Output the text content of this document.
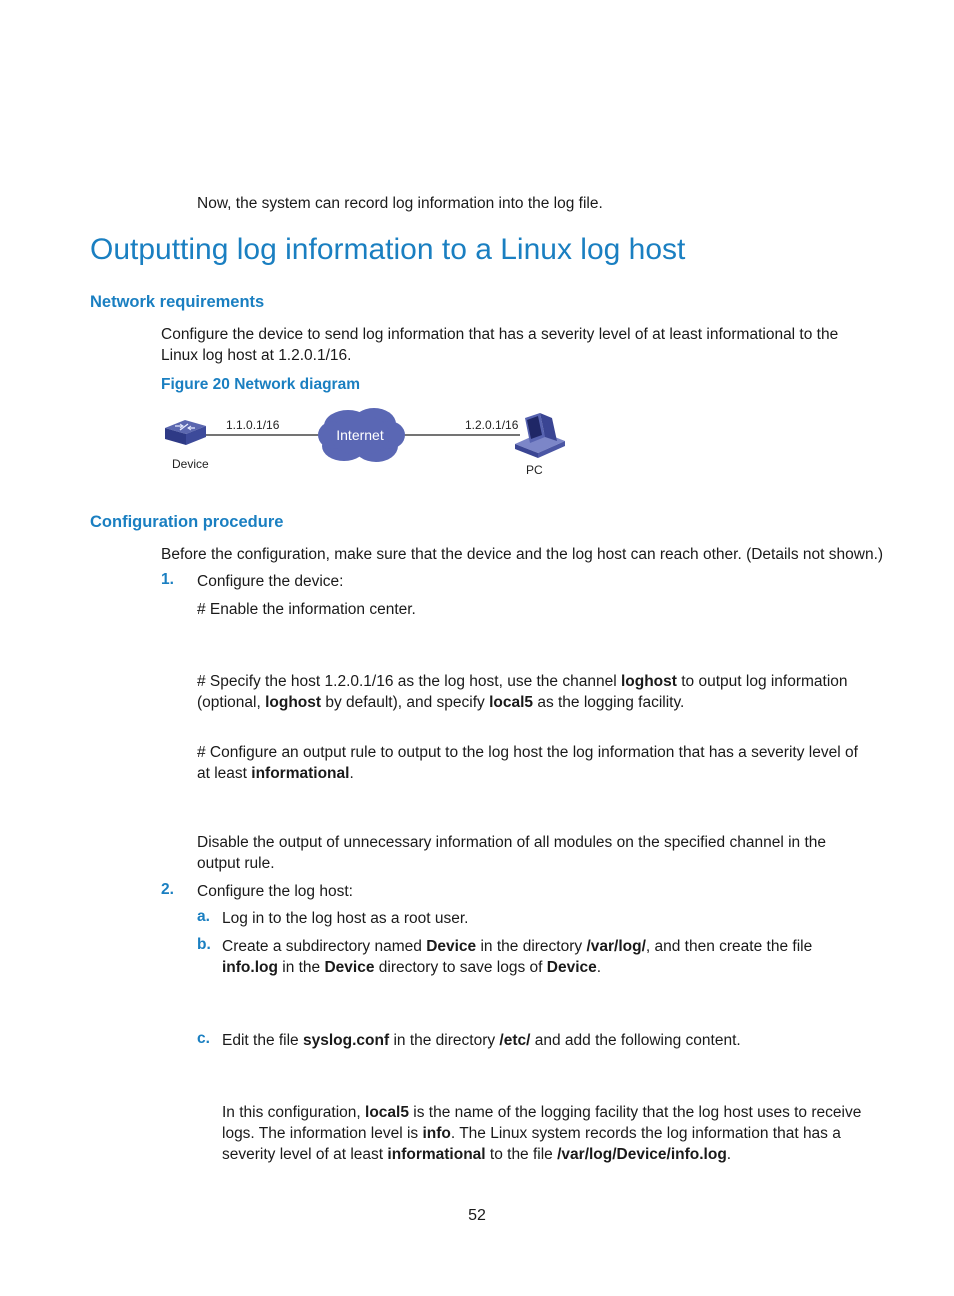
Now, the system can record log information into the log file.
Outputting log information to a Linux log host
Network requirements
Configure the device to send log information that has a severity level of at least informational to the Linux log host at 1.2.0.1/16.
Figure 20 Network diagram
1.1.0.1/16
Device
Internet
1.2.0.1/16
PC
Configuration procedure
Before the configuration, make sure that the device and the log host can reach other. (Details not shown.)
1. Configure the device:
# Enable the information center.
# Specify the host 1.2.0.1/16 as the log host, use the channel loghost to output log information (optional, loghost by default), and specify local5 as the logging facility.
# Configure an output rule to output to the log host the log information that has a severity level of at least informational.
Disable the output of unnecessary information of all modules on the specified channel in the output rule.
2. Configure the log host:
a. Log in to the log host as a root user.
b. Create a subdirectory named Device in the directory /var/log/, and then create the file info.log in the Device directory to save logs of Device.
c. Edit the file syslog.conf in the directory /etc/ and add the following content.
In this configuration, local5 is the name of the logging facility that the log host uses to receive logs. The information level is info. The Linux system records the log information that has a severity level of at least informational to the file /var/log/Device/info.log.
52
